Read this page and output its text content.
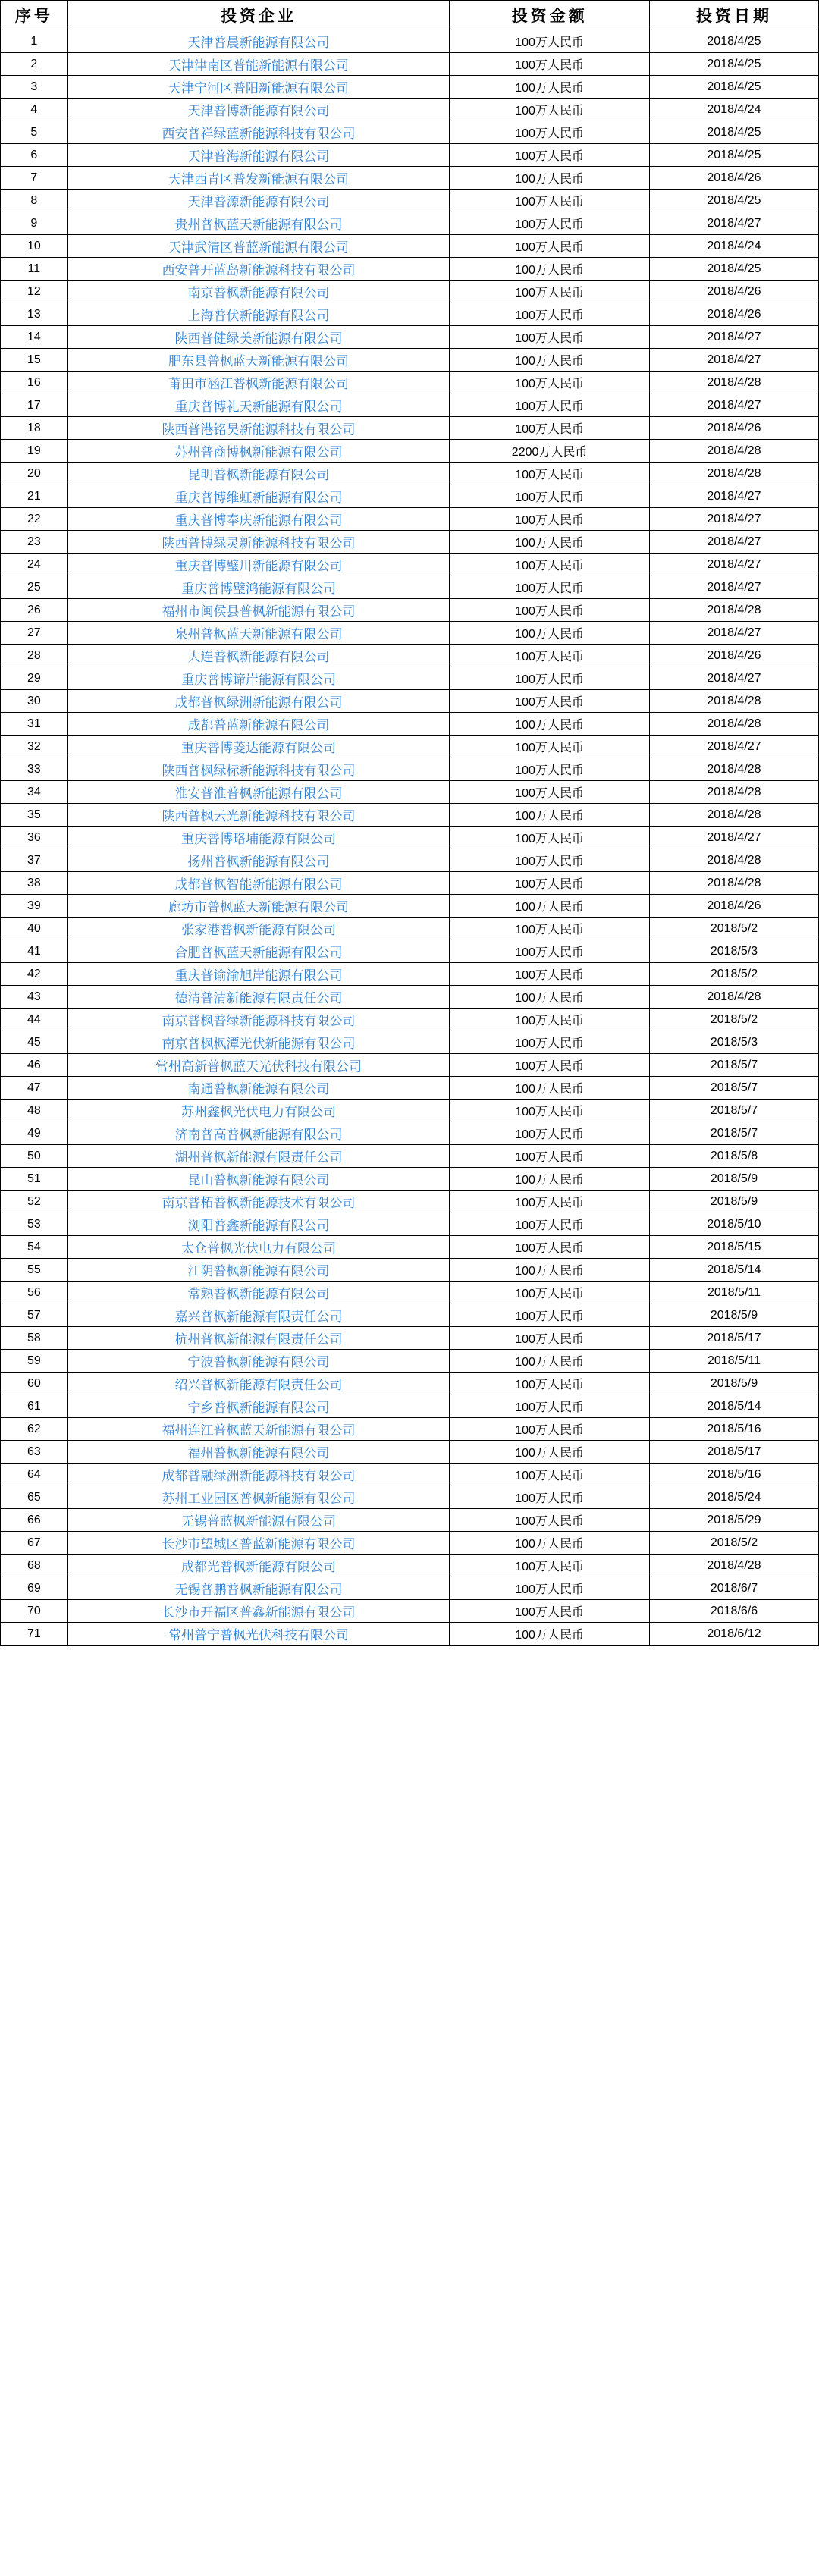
序号	投资企业	投资金额	投资日期
1	天津普晨新能源有限公司	100万人民币	2018/4/25
2	天津津南区普能新能源有限公司	100万人民币	2018/4/25
3	天津宁河区普阳新能源有限公司	100万人民币	2018/4/25
4	天津普博新能源有限公司	100万人民币	2018/4/24
5	西安普祥绿蓝新能源科技有限公司	100万人民币	2018/4/25
6	天津普海新能源有限公司	100万人民币	2018/4/25
7	天津西青区普发新能源有限公司	100万人民币	2018/4/26
8	天津普源新能源有限公司	100万人民币	2018/4/25
9	贵州普枫蓝天新能源有限公司	100万人民币	2018/4/27
10	天津武清区普蓝新能源有限公司	100万人民币	2018/4/24
11	西安普开蓝岛新能源科技有限公司	100万人民币	2018/4/25
12	南京普枫新能源有限公司	100万人民币	2018/4/26
13	上海普伏新能源有限公司	100万人民币	2018/4/26
14	陕西普健绿美新能源有限公司	100万人民币	2018/4/27
15	肥东县普枫蓝天新能源有限公司	100万人民币	2018/4/27
16	莆田市涵江普枫新能源有限公司	100万人民币	2018/4/28
17	重庆普博礼天新能源有限公司	100万人民币	2018/4/27
18	陕西普港铭昊新能源科技有限公司	100万人民币	2018/4/26
19	苏州普商博枫新能源有限公司	2200万人民币	2018/4/28
20	昆明普枫新能源有限公司	100万人民币	2018/4/28
21	重庆普博维虹新能源有限公司	100万人民币	2018/4/27
22	重庆普博奉庆新能源有限公司	100万人民币	2018/4/27
23	陕西普博绿灵新能源科技有限公司	100万人民币	2018/4/27
24	重庆普博璧川新能源有限公司	100万人民币	2018/4/27
25	重庆普博璧鸿能源有限公司	100万人民币	2018/4/27
26	福州市闽侯县普枫新能源有限公司	100万人民币	2018/4/28
27	泉州普枫蓝天新能源有限公司	100万人民币	2018/4/27
28	大连普枫新能源有限公司	100万人民币	2018/4/26
29	重庆普博谛岸能源有限公司	100万人民币	2018/4/27
30	成都普枫绿洲新能源有限公司	100万人民币	2018/4/28
31	成都普蓝新能源有限公司	100万人民币	2018/4/28
32	重庆普博菱达能源有限公司	100万人民币	2018/4/27
33	陕西普枫绿标新能源科技有限公司	100万人民币	2018/4/28
34	淮安普淮普枫新能源有限公司	100万人民币	2018/4/28
35	陕西普枫云光新能源科技有限公司	100万人民币	2018/4/28
36	重庆普博珞埔能源有限公司	100万人民币	2018/4/27
37	扬州普枫新能源有限公司	100万人民币	2018/4/28
38	成都普枫智能新能源有限公司	100万人民币	2018/4/28
39	廊坊市普枫蓝天新能源有限公司	100万人民币	2018/4/26
40	张家港普枫新能源有限公司	100万人民币	2018/5/2
41	合肥普枫蓝天新能源有限公司	100万人民币	2018/5/3
42	重庆普谕渝旭岸能源有限公司	100万人民币	2018/5/2
43	德清普清新能源有限责任公司	100万人民币	2018/4/28
44	南京普枫普绿新能源科技有限公司	100万人民币	2018/5/2
45	南京普枫枫潭光伏新能源有限公司	100万人民币	2018/5/3
46	常州高新普枫蓝天光伏科技有限公司	100万人民币	2018/5/7
47	南通普枫新能源有限公司	100万人民币	2018/5/7
48	苏州鑫枫光伏电力有限公司	100万人民币	2018/5/7
49	济南普高普枫新能源有限公司	100万人民币	2018/5/7
50	湖州普枫新能源有限责任公司	100万人民币	2018/5/8
51	昆山普枫新能源有限公司	100万人民币	2018/5/9
52	南京普柘普枫新能源技术有限公司	100万人民币	2018/5/9
53	浏阳普鑫新能源有限公司	100万人民币	2018/5/10
54	太仓普枫光伏电力有限公司	100万人民币	2018/5/15
55	江阴普枫新能源有限公司	100万人民币	2018/5/14
56	常熟普枫新能源有限公司	100万人民币	2018/5/11
57	嘉兴普枫新能源有限责任公司	100万人民币	2018/5/9
58	杭州普枫新能源有限责任公司	100万人民币	2018/5/17
59	宁波普枫新能源有限公司	100万人民币	2018/5/11
60	绍兴普枫新能源有限责任公司	100万人民币	2018/5/9
61	宁乡普枫新能源有限公司	100万人民币	2018/5/14
62	福州连江普枫蓝天新能源有限公司	100万人民币	2018/5/16
63	福州普枫新能源有限公司	100万人民币	2018/5/17
64	成都普融绿洲新能源科技有限公司	100万人民币	2018/5/16
65	苏州工业园区普枫新能源有限公司	100万人民币	2018/5/24
66	无锡普蓝枫新能源有限公司	100万人民币	2018/5/29
67	长沙市望城区普蓝新能源有限公司	100万人民币	2018/5/2
68	成都光普枫新能源有限公司	100万人民币	2018/4/28
69	无锡普鹏普枫新能源有限公司	100万人民币	2018/6/7
70	长沙市开福区普鑫新能源有限公司	100万人民币	2018/6/6
71	常州普宁普枫光伏科技有限公司	100万人民币	2018/6/12
